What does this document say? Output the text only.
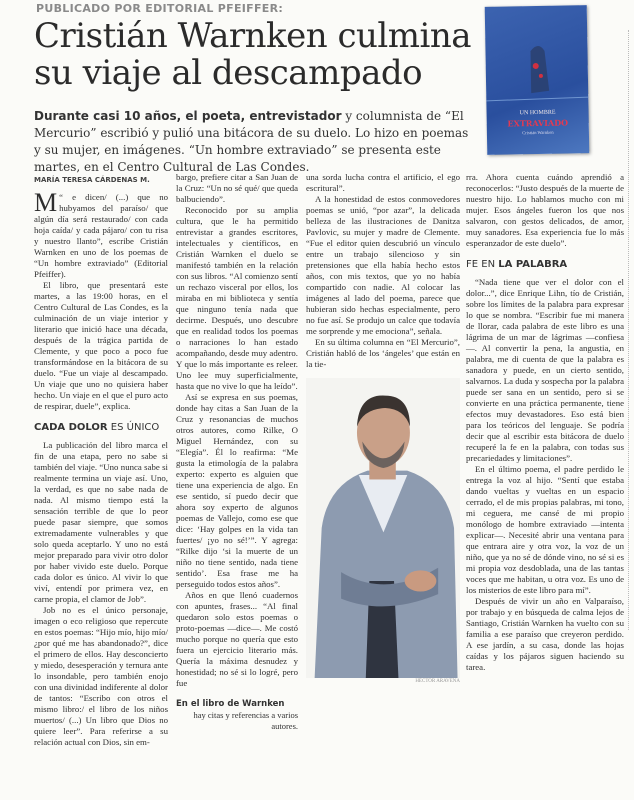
PUBLICADO POR EDITORIAL PFEIFFER:
Cristián Warnken culmina su viaje al descampado
Durante casi 10 años, el poeta, entrevistador y columnista de “El Mercurio” escribió y pulió una bitácora de su duelo. Lo hizo en poemas y su mujer, en imágenes. “Un hombre extraviado” se presenta este martes, en el Centro Cultural de Las Condes.
UN HOMBRE
EXTRAVIADO
Cristián Warnken
MARÍA TERESA CÁRDENAS M.

M “ e dicen/ (...) que no hubyamos del paraíso/ que algún día será restaurado/ con cada hoja caída/ y cada pájaro/ con tu risa y nuestro llanto”, escribe Cristián Warnken en uno de los poemas de “Un hombre extraviado” (Editorial Pfeiffer).

El libro, que presentará este martes, a las 19:00 horas, en el Centro Cultural de Las Condes, es la culminación de un viaje interior y literario que inició hace una década, después de la trágica partida de Clemente, y que poco a poco fue transformándose en la bitácora de su duelo. “Fue un viaje al descampado. Un viaje que uno no quisiera haber hecho. Un viaje en el que el puro acto de respirar, duele”, explica.

CADA DOLOR ES ÚNICO

La publicación del libro marca el fin de una etapa, pero no sabe si también del viaje. “Uno nunca sabe si realmente termina un viaje así. Uno, la verdad, es que no sabe nada de nada. Al mismo tiempo está la sensación terrible de que lo peor puede pasar siempre, que somos extremadamente vulnerables y que solo queda aceptarlo. Y uno no está mejor preparado para vivir otro dolor por haber vivido este duelo. Porque cada dolor es único. Al vivir lo que viví, entendí por primera vez, en carne propia, el clamor de Job”.

Job no es el único personaje, imagen o eco religioso que repercute en estos poemas: “Hijo mío, hijo mío/ ¿por qué me has abandonado?”, dice el primero de ellos. Hay desconcierto y miedo, desesperación y ternura ante lo insondable, pero también enojo con una divinidad indiferente al dolor de tantos: “Escribo con otros el mismo libro:/ el libro de los niños muertos/ (...) Un libro que Dios no quiere leer”. Para referirse a su relación actual con Dios, sin em-

bargo, prefiere citar a San Juan de la Cruz: “Un no sé qué/ que queda balbuciendo”.

Reconocido por su amplia cultura, que le ha permitido entrevistar a grandes escritores, intelectuales y científicos, en Cristián Warnken el duelo se manifestó también en la relación con sus libros. “Al comienzo sentí un rechazo visceral por ellos, los miraba en mi biblioteca y sentía que ninguno tenía nada que decirme. Después, uno descubre que en realidad todos los poemas o narraciones lo han estado acompañando, desde muy adentro. Y que lo más importante es releer. Uno lee muy superficialmente, hasta que no vive lo que ha leído”.

Así se expresa en sus poemas, donde hay citas a San Juan de la Cruz y resonancias de muchos otros autores, como Rilke, O Miguel Hernández, con su “Elegía”. Él lo reafirma: “Me gusta la etimología de la palabra experto: experto es alguien que tiene una experiencia de algo. En ese sentido, sí puedo decir que ahora soy experto de algunos poemas de Vallejo, como ese que dice: ‘Hay golpes en la vida tan fuertes/ ¡yo no sé!’”. Y agrega: “Rilke dijo ‘si la muerte de un niño no tiene sentido, nada tiene sentido’. Esa frase me ha perseguido todos estos años”.

Años en que llenó cuadernos con apuntes, frases... “Al final quedaron solo estos poemas o proto-poemas —dice—. Me costó mucho porque no quería que esto fuera un ejercicio literario más. Quería la máxima desnudez y honestidad; no sé si lo logré, pero fue

En el libro de Warnken
hay citas y referencias a varios autores.

una sorda lucha contra el artificio, el ego escritural”.

A la honestidad de estos conmovedores poemas se unió, “por azar”, la delicada belleza de las ilustraciones de Danitza Pavlovic, su mujer y madre de Clemente. “Fue el editor quien descubrió un vínculo entre un trabajo silencioso y sin pretensiones que ella había hecho estos años, con mis textos, que yo no había compartido con nadie. Al colocar las imágenes al lado del poema, parece que hubieran sido hechas especialmente, pero no fue así. Se produjo un calce que todavía me sorprende y me emociona”, señala.

En su última columna en “El Mercurio”, Cristián habló de los ‘ángeles’ que están en la tie-

HÉCTOR ARAVENA

rra. Ahora cuenta cuándo aprendió a reconocerlos: “Justo después de la muerte de nuestro hijo. Lo hablamos mucho con mi mujer. Esos ángeles fueron los que nos salvaron, con gestos delicados, de amor, muy sanadores. Esa experiencia fue lo más esperanzador de este duelo”.

FE EN LA PALABRA

“Nada tiene que ver el dolor con el dolor...”, dice Enrique Lihn, tío de Cristián, sobre los límites de la palabra para expresar lo que se nombra. “Escribir fue mi manera de llorar, cada palabra de este libro es una lágrima de un mar de lágrimas —confiesa—. Al convertir la pena, la angustia, en palabra, me di cuenta de que la palabra es sanadora y puede, en un cierto sentido, salvarnos. La duda y sospecha por la palabra puede ser sana en un sentido, pero si se convierte en una práctica permanente, tiene efectos muy devastadores. Eso está bien para los teóricos del lenguaje. Se podría decir que al escribir esta bitácora de duelo recuperé la fe en la palabra, con todas sus precariedades y limitaciones”.

En el último poema, el padre perdido le entrega la voz al hijo. “Sentí que estaba dando vueltas y vueltas en un espacio cerrado, el de mis propias palabras, mi tono, mi ceguera, me cansé de mi propio monólogo de hombre extraviado —intenta explicar—. Necesité abrir una ventana para que entrara aire y otra voz, la voz de un niño, que ya no sé de dónde vino, no sé si es mi propia voz desdoblada, una de las tantas voces que me habitan, u otra voz. Es uno de los misterios de este libro para mí”.

Después de vivir un año en Valparaíso, por trabajo y en búsqueda de calma lejos de Santiago, Cristián Warnken ha vuelto con su familia a ese paraíso que creyeron perdido. A ese jardín, a su casa, donde las hojas caídas y los pájaros siguen haciendo su tarea.
